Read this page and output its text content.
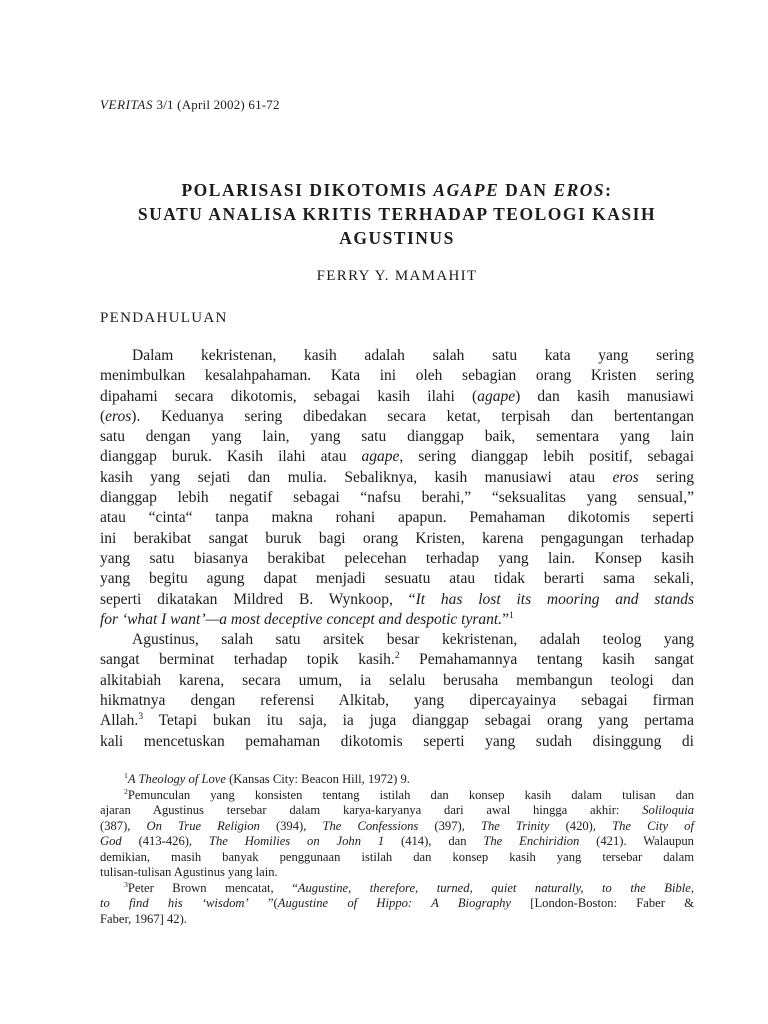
VERITAS 3/1 (April 2002) 61-72
POLARISASI DIKOTOMIS AGAPE DAN EROS:
SUATU ANALISA KRITIS TERHADAP TEOLOGI KASIH
AGUSTINUS
FERRY Y. MAMAHIT
PENDAHULUAN
Dalam kekristenan, kasih adalah salah satu kata yang sering
menimbulkan kesalahpahaman. Kata ini oleh sebagian orang Kristen sering
dipahami secara dikotomis, sebagai kasih ilahi (agape) dan kasih manusiawi
(eros). Keduanya sering dibedakan secara ketat, terpisah dan bertentangan
satu dengan yang lain, yang satu dianggap baik, sementara yang lain
dianggap buruk. Kasih ilahi atau agape, sering dianggap lebih positif, sebagai
kasih yang sejati dan mulia. Sebaliknya, kasih manusiawi atau eros sering
dianggap lebih negatif sebagai “nafsu berahi,” “seksualitas yang sensual,”
atau “cinta“ tanpa makna rohani apapun. Pemahaman dikotomis seperti
ini berakibat sangat buruk bagi orang Kristen, karena pengagungan terhadap
yang satu biasanya berakibat pelecehan terhadap yang lain. Konsep kasih
yang begitu agung dapat menjadi sesuatu atau tidak berarti sama sekali,
seperti dikatakan Mildred B. Wynkoop, “It has lost its mooring and stands
for ‘what I want’—a most deceptive concept and despotic tyrant.”$^1$
Agustinus, salah satu arsitek besar kekristenan, adalah teolog yang
sangat berminat terhadap topik kasih.$^2$ Pemahamannya tentang kasih sangat
alkitabiah karena, secara umum, ia selalu berusaha membangun teologi dan
hikmatnya dengan referensi Alkitab, yang dipercayainya sebagai firman
Allah.$^3$ Tetapi bukan itu saja, ia juga dianggap sebagai orang yang pertama
kali mencetuskan pemahaman dikotomis seperti yang sudah disinggung di
$^1$A Theology of Love (Kansas City: Beacon Hill, 1972) 9.
$^2$Pemunculan yang konsisten tentang istilah dan konsep kasih dalam tulisan dan
ajaran Agustinus tersebar dalam karya-karyanya dari awal hingga akhir: Soliloquia
(387), On True Religion (394), The Confessions (397), The Trinity (420), The City of
God (413-426), The Homilies on John 1 (414), dan The Enchiridion (421). Walaupun
demikian, masih banyak penggunaan istilah dan konsep kasih yang tersebar dalam
tulisan-tulisan Agustinus yang lain.
$^3$Peter Brown mencatat, “Augustine, therefore, turned, quiet naturally, to the Bible,
to find his ‘wisdom’ ”(Augustine of Hippo: A Biography [London-Boston: Faber &
Faber, 1967] 42).
